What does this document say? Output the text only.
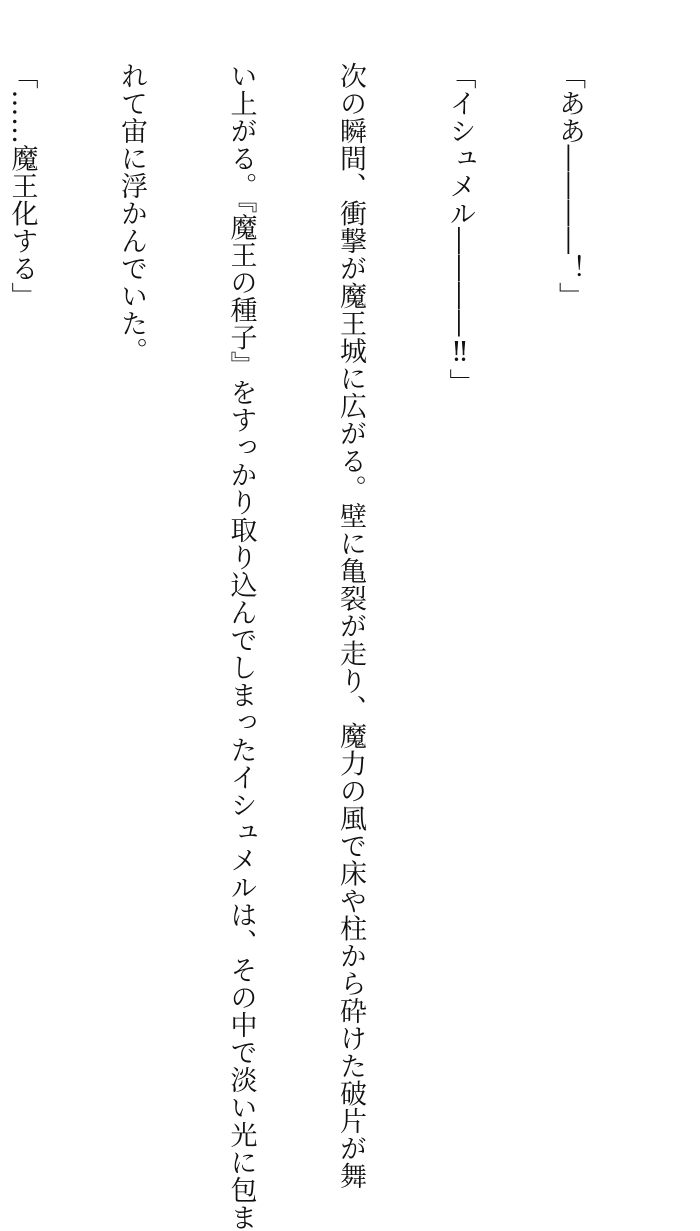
「ああ――――！」

「イシュメル――――‼」

次の瞬間、衝撃が魔王城に広がる。壁に亀裂が走り、魔力の風で床や柱から砕けた破片が舞

い上がる。『魔王の種子』をすっかり取り込んでしまったイシュメルは、その中で淡い光に包ま

れて宙に浮かんでいた。

「……魔王化する」
